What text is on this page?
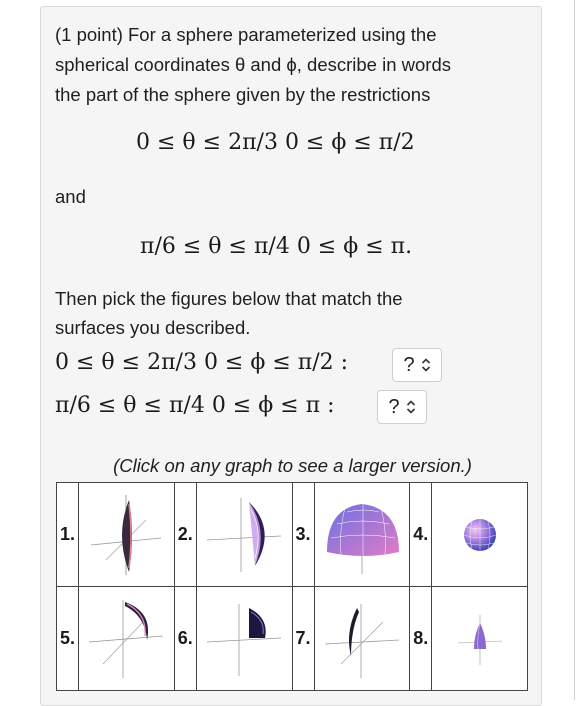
(1 point) For a sphere parameterized using the
spherical coordinates θ and ϕ, describe in words
the part of the sphere given by the restrictions
0 ≤ θ ≤ 2π/3 0 ≤ ϕ ≤ π/2
and
π/6 ≤ θ ≤ π/4 0 ≤ ϕ ≤ π.
Then pick the figures below that match the
surfaces you described.
0 ≤ θ ≤ 2π/3 0 ≤ ϕ ≤ π/2 :	?
π/6 ≤ θ ≤ π/4 0 ≤ ϕ ≤ π :	?
(Click on any graph to see a larger version.)
1.		2.		3.		4.	

5.		6.		7.		8.	
